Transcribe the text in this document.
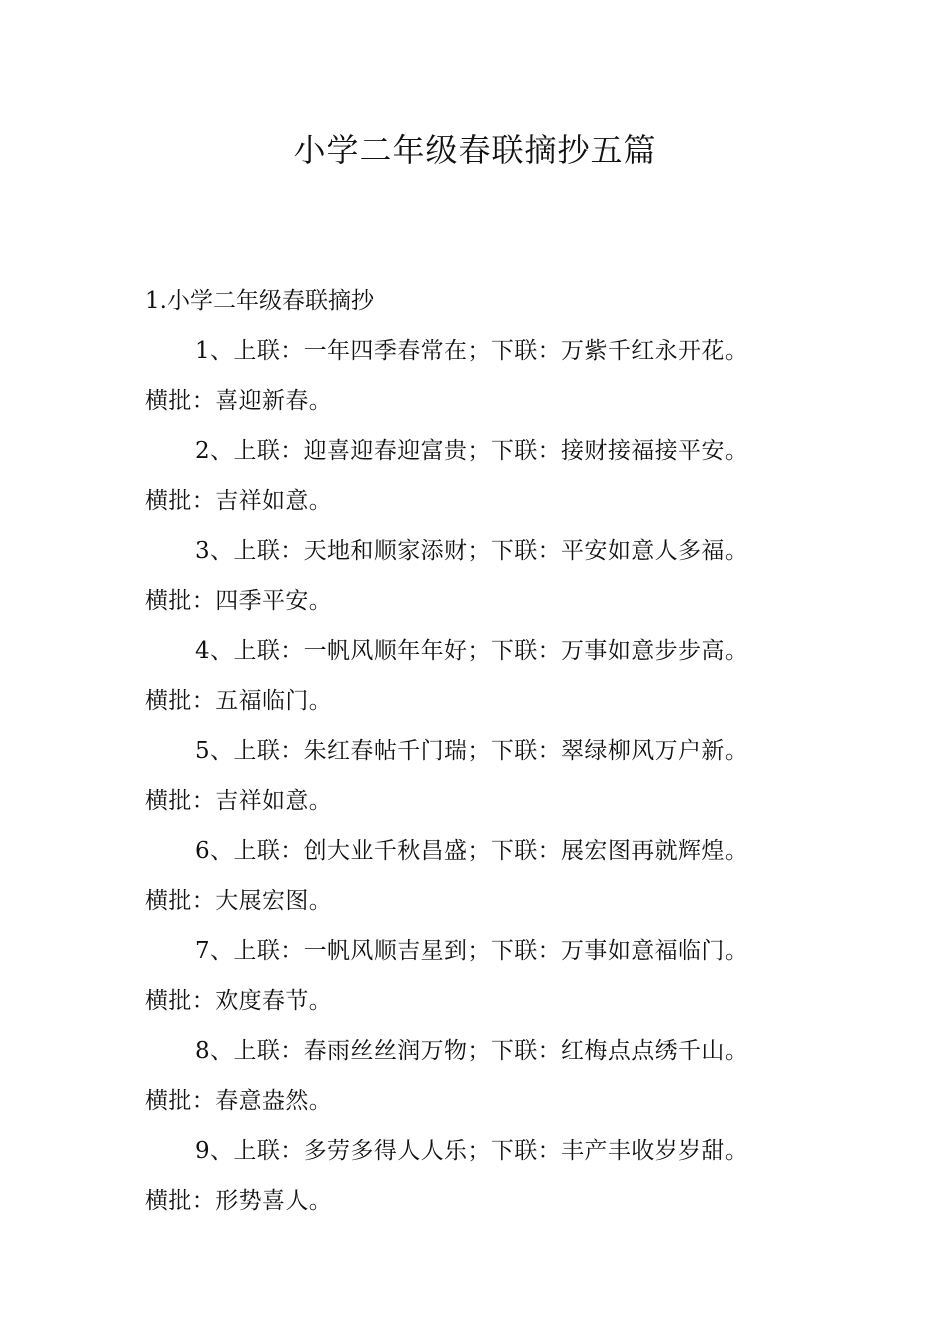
小学二年级春联摘抄五篇

1.小学二年级春联摘抄

1、上联：一年四季春常在；下联：万紫千红永开花。
横批：喜迎新春。
2、上联：迎喜迎春迎富贵；下联：接财接福接平安。
横批：吉祥如意。
3、上联：天地和顺家添财；下联：平安如意人多福。
横批：四季平安。
4、上联：一帆风顺年年好；下联：万事如意步步高。
横批：五福临门。
5、上联：朱红春帖千门瑞；下联：翠绿柳风万户新。
横批：吉祥如意。
6、上联：创大业千秋昌盛；下联：展宏图再就辉煌。
横批：大展宏图。
7、上联：一帆风顺吉星到；下联：万事如意福临门。
横批：欢度春节。
8、上联：春雨丝丝润万物；下联：红梅点点绣千山。
横批：春意盎然。
9、上联：多劳多得人人乐；下联：丰产丰收岁岁甜。
横批：形势喜人。
